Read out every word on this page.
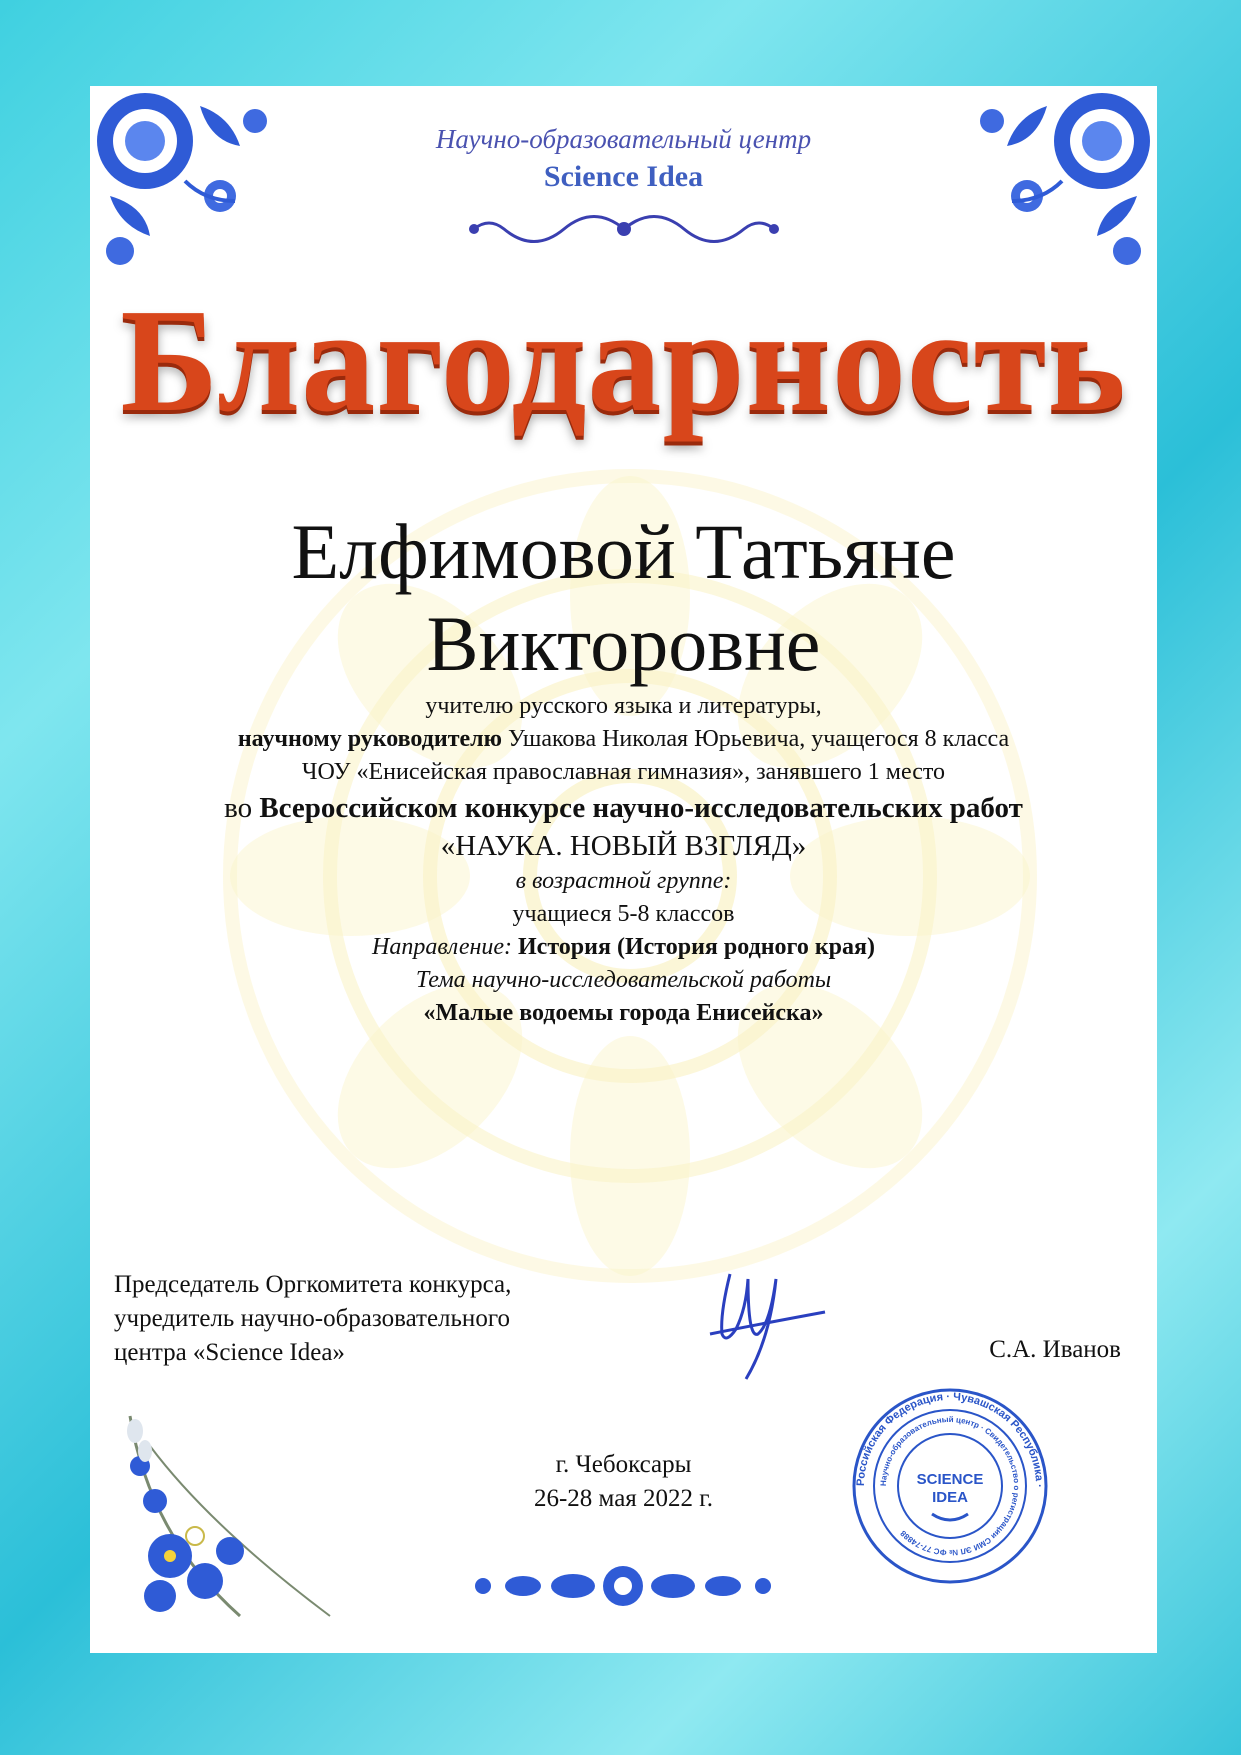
Научно-образовательный центр
Science Idea
Благодарность
Елфимовой Татьяне
Викторовне
учителю русского языка и литературы,
научному руководителю Ушакова Николая Юрьевича, учащегося 8 класса
ЧОУ «Енисейская православная гимназия», занявшего 1 место
во Всероссийском конкурсе научно-исследовательских работ
«НАУКА. НОВЫЙ ВЗГЛЯД»
в возрастной группе:
учащиеся 5-8 классов
Направление: История (История родного края)
Тема научно-исследовательской работы
«Малые водоемы города Енисейска»
Председатель Оргкомитета конкурса,
учредитель научно-образовательного
центра «Science Idea»	С.А. Иванов
г. Чебоксары
26-28 мая 2022 г.
Российская Федерация · Чувашская Республика ·
Научно-образовательный центр · Свидетельство о регистрации СМИ ЭЛ № ФС 77-74888
SCIENCE
IDEA
